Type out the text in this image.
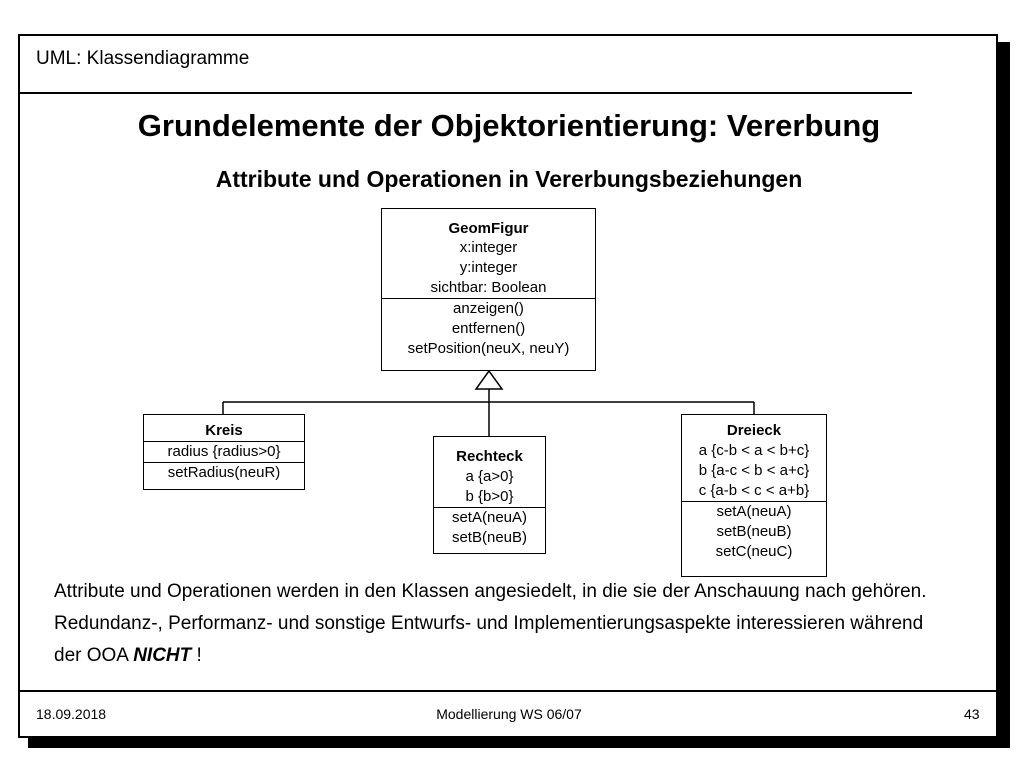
UML: Klassendiagramme
Grundelemente der Objektorientierung: Vererbung
Attribute und Operationen in Vererbungsbeziehungen
GeomFigur
x:integer
y:integer
sichtbar: Boolean
anzeigen()
entfernen()
setPosition(neuX, neuY)
Kreis
radius {radius>0}
setRadius(neuR)
Rechteck
a {a>0}
b {b>0}
setA(neuA)
setB(neuB)
Dreieck
a {c-b < a < b+c}
b {a-c < b < a+c}
c {a-b < c < a+b}
setA(neuA)
setB(neuB)
setC(neuC)
Attribute und Operationen werden in den Klassen angesiedelt, in die sie der Anschauung nach gehören. Redundanz-, Performanz- und sonstige Entwurfs- und Implementierungsaspekte interessieren während der OOA NICHT !
18.09.2018	Modellierung WS 06/07	43
